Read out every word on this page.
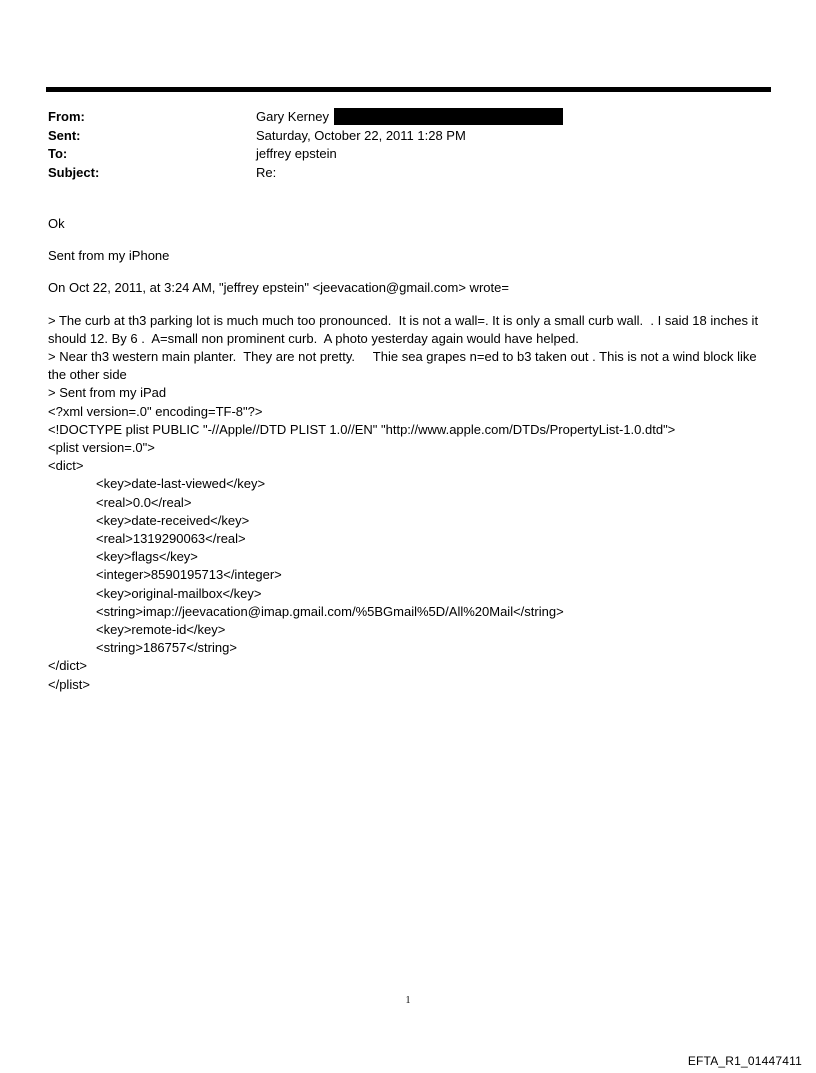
From:	Gary Kerney
Sent:	Saturday, October 22, 2011 1:28 PM
To:	jeffrey epstein
Subject:	Re:
Ok
Sent from my iPhone
On Oct 22, 2011, at 3:24 AM, "jeffrey epstein" <jeevacation@gmail.com> wrote=
> The curb at th3 parking lot is much much too pronounced.  It is not a wall=. It is only a small curb wall.  . I said 18 inches it should 12. By 6 .  A=small non prominent curb.  A photo yesterday again would have helped.
> Near th3 western main planter.  They are not pretty.     Thie sea grapes n=ed to b3 taken out . This is not a wind block like the other side
> Sent from my iPad
<?xml version=.0" encoding=TF-8"?>
<!DOCTYPE plist PUBLIC "-//Apple//DTD PLIST 1.0//EN" "http://www.apple.com/DTDs/PropertyList-1.0.dtd">
<plist version=.0">
<dict>
<key>date-last-viewed</key>
<real>0.0</real>
<key>date-received</key>
<real>1319290063</real>
<key>flags</key>
<integer>8590195713</integer>
<key>original-mailbox</key>
<string>imap://jeevacation@imap.gmail.com/%5BGmail%5D/All%20Mail</string>
<key>remote-id</key>
<string>186757</string>
</dict>
</plist>
1
EFTA_R1_01447411
